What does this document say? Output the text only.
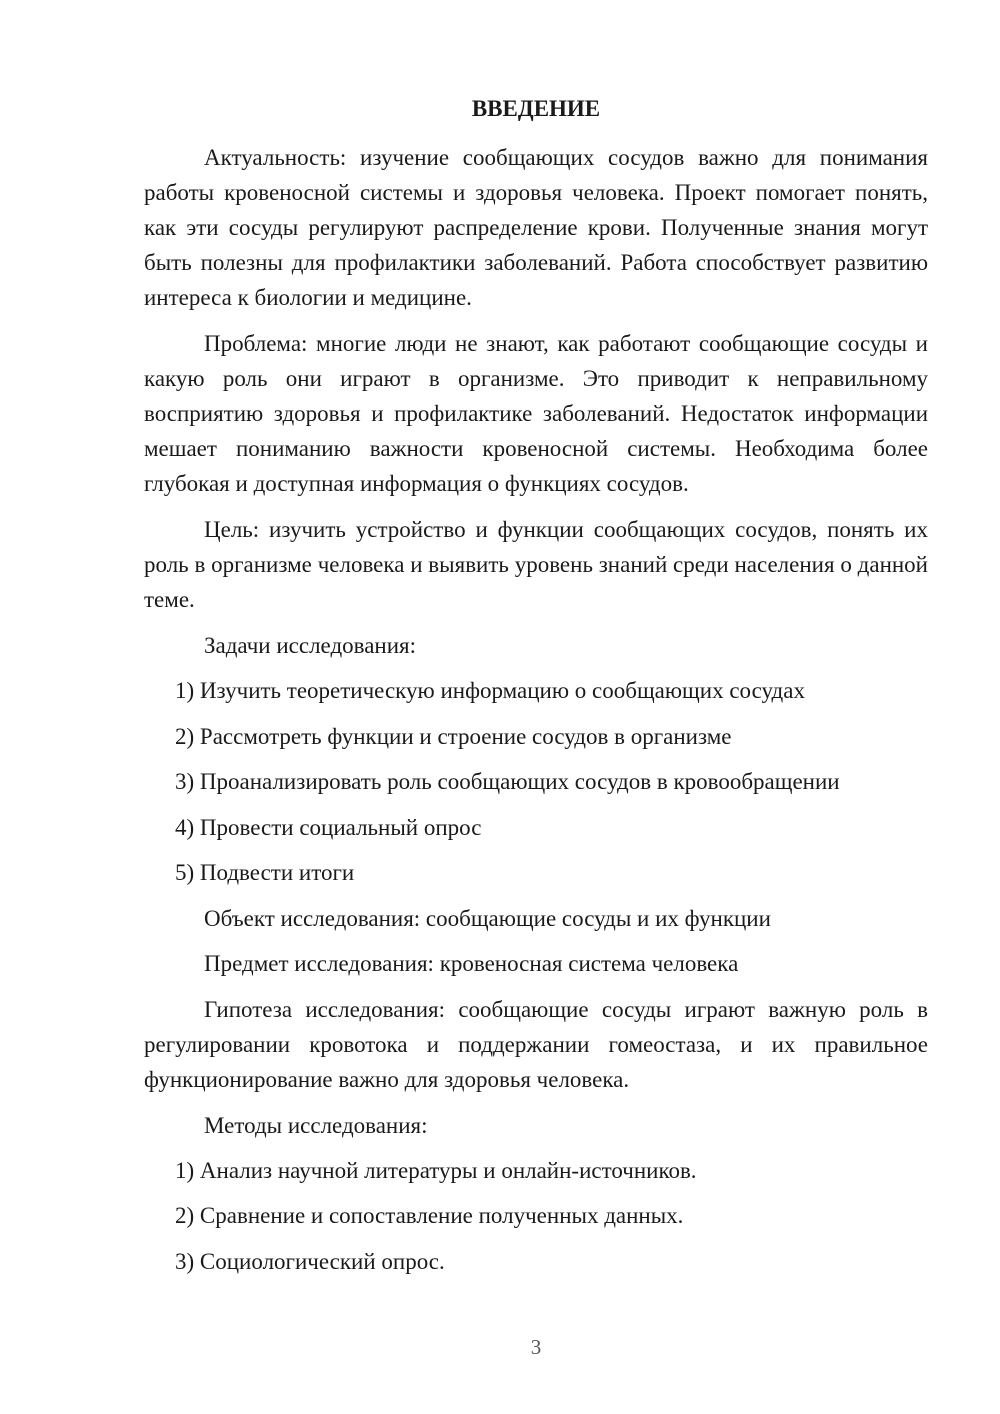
ВВЕДЕНИЕ

Актуальность: изучение сообщающих сосудов важно для понимания работы кровеносной системы и здоровья человека. Проект помогает понять, как эти сосуды регулируют распределение крови. Полученные знания могут быть полезны для профилактики заболеваний. Работа способствует развитию интереса к биологии и медицине.

Проблема: многие люди не знают, как работают сообщающие сосуды и какую роль они играют в организме. Это приводит к неправильному восприятию здоровья и профилактике заболеваний. Недостаток информации мешает пониманию важности кровеносной системы. Необходима более глубокая и доступная информация о функциях сосудов.

Цель: изучить устройство и функции сообщающих сосудов, понять их роль в организме человека и выявить уровень знаний среди населения о данной теме.

Задачи исследования:
1) Изучить теоретическую информацию о сообщающих сосудах
2) Рассмотреть функции и строение сосудов в организме
3) Проанализировать роль сообщающих сосудов в кровообращении
4) Провести социальный опрос
5) Подвести итоги
Объект исследования: сообщающие сосуды и их функции
Предмет исследования: кровеносная система человека

Гипотеза исследования: сообщающие сосуды играют важную роль в регулировании кровотока и поддержании гомеостаза, и их правильное функционирование важно для здоровья человека.

Методы исследования:
1) Анализ научной литературы и онлайн-источников.
2) Сравнение и сопоставление полученных данных.
3) Социологический опрос.
3
